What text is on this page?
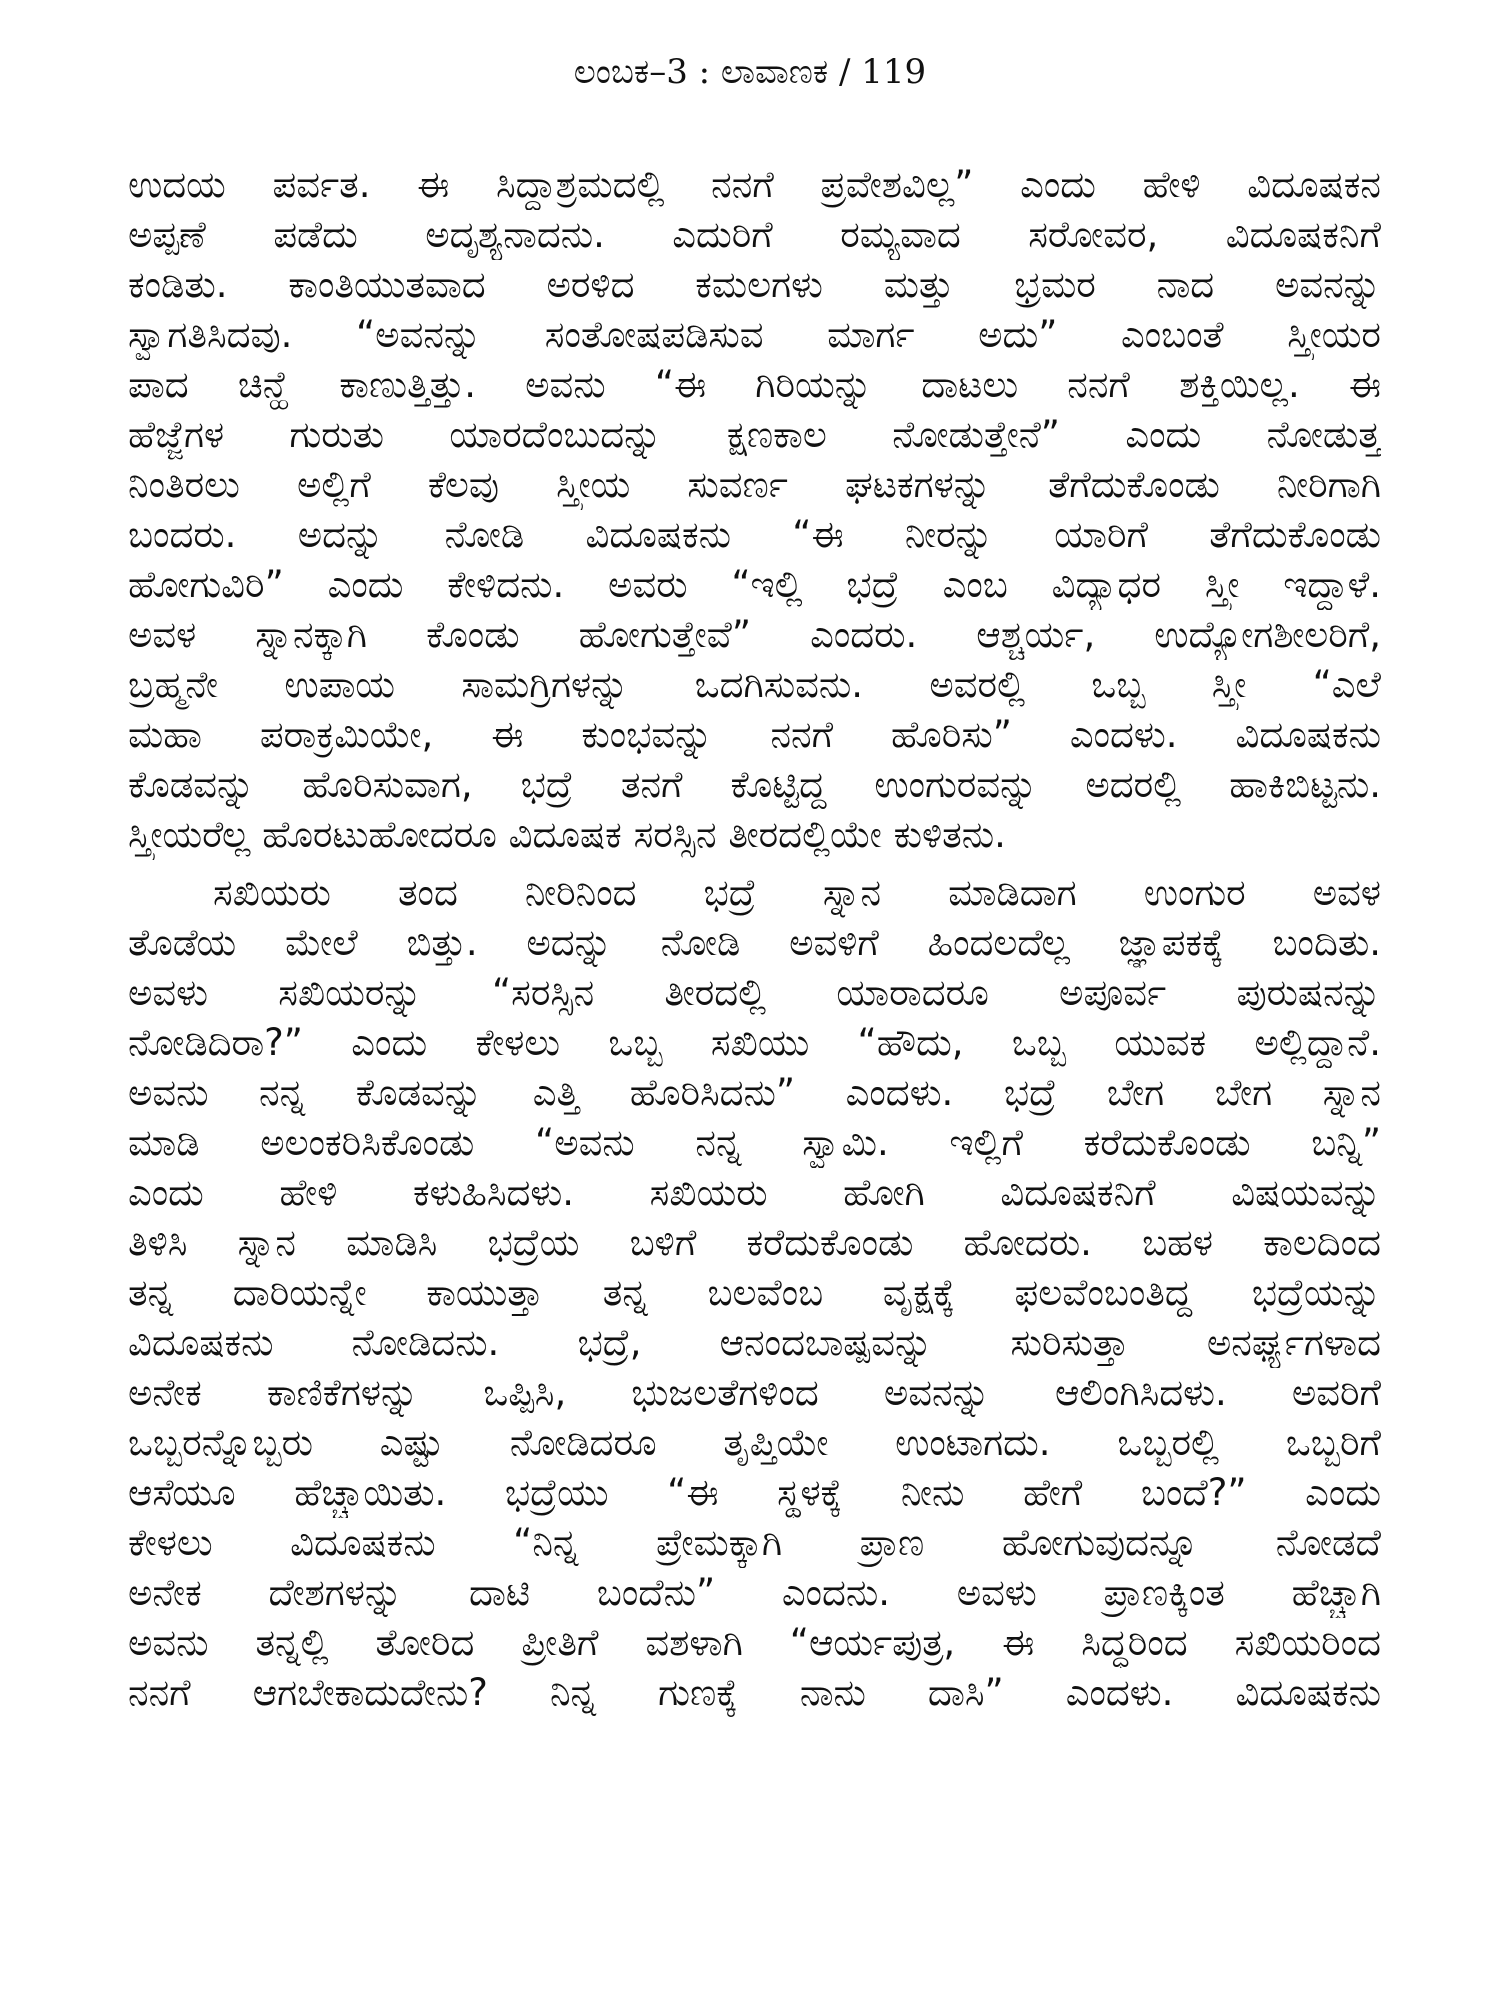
ಲಂಬಕ–3 : ಲಾವಾಣಕ / 119
ಉದಯ ಪರ್ವತ. ಈ ಸಿದ್ಧಾಶ್ರಮದಲ್ಲಿ ನನಗೆ ಪ್ರವೇಶವಿಲ್ಲ” ಎಂದು ಹೇಳಿ ವಿದೂಷಕನ
ಅಪ್ಪಣೆ ಪಡೆದು ಅದೃಶ್ಯನಾದನು. ಎದುರಿಗೆ ರಮ್ಯವಾದ ಸರೋವರ, ವಿದೂಷಕನಿಗೆ
ಕಂಡಿತು. ಕಾಂತಿಯುತವಾದ ಅರಳಿದ ಕಮಲಗಳು ಮತ್ತು ಭ್ರಮರ ನಾದ ಅವನನ್ನು
ಸ್ವಾಗತಿಸಿದವು. “ಅವನನ್ನು ಸಂತೋಷಪಡಿಸುವ ಮಾರ್ಗ ಅದು” ಎಂಬಂತೆ ಸ್ತ್ರೀಯರ
ಪಾದ ಚಿನ್ಹೆ ಕಾಣುತ್ತಿತ್ತು. ಅವನು “ಈ ಗಿರಿಯನ್ನು ದಾಟಲು ನನಗೆ ಶಕ್ತಿಯಿಲ್ಲ. ಈ
ಹೆಜ್ಜೆಗಳ ಗುರುತು ಯಾರದೆಂಬುದನ್ನು ಕ್ಷಣಕಾಲ ನೋಡುತ್ತೇನೆ” ಎಂದು ನೋಡುತ್ತ
ನಿಂತಿರಲು ಅಲ್ಲಿಗೆ ಕೆಲವು ಸ್ತ್ರೀಯ ಸುವರ್ಣ ಘಟಕಗಳನ್ನು ತೆಗೆದುಕೊಂಡು ನೀರಿಗಾಗಿ
ಬಂದರು. ಅದನ್ನು ನೋಡಿ ವಿದೂಷಕನು “ಈ ನೀರನ್ನು ಯಾರಿಗೆ ತೆಗೆದುಕೊಂಡು
ಹೋಗುವಿರಿ” ಎಂದು ಕೇಳಿದನು. ಅವರು “ಇಲ್ಲಿ ಭದ್ರೆ ಎಂಬ ವಿದ್ಯಾಧರ ಸ್ತ್ರೀ ಇದ್ದಾಳೆ.
ಅವಳ ಸ್ನಾನಕ್ಕಾಗಿ ಕೊಂಡು ಹೋಗುತ್ತೇವೆ” ಎಂದರು. ಆಶ್ಚರ್ಯ, ಉದ್ಯೋಗಶೀಲರಿಗೆ,
ಬ್ರಹ್ಮನೇ ಉಪಾಯ ಸಾಮಗ್ರಿಗಳನ್ನು ಒದಗಿಸುವನು. ಅವರಲ್ಲಿ ಒಬ್ಬ ಸ್ತ್ರೀ “ಎಲೆ
ಮಹಾ ಪರಾಕ್ರಮಿಯೇ, ಈ ಕುಂಭವನ್ನು ನನಗೆ ಹೊರಿಸು” ಎಂದಳು. ವಿದೂಷಕನು
ಕೊಡವನ್ನು ಹೊರಿಸುವಾಗ, ಭದ್ರೆ ತನಗೆ ಕೊಟ್ಟಿದ್ದ ಉಂಗುರವನ್ನು ಅದರಲ್ಲಿ ಹಾಕಿಬಿಟ್ಟನು.
ಸ್ತ್ರೀಯರೆಲ್ಲ ಹೊರಟುಹೋದರೂ ವಿದೂಷಕ ಸರಸ್ಸಿನ ತೀರದಲ್ಲಿಯೇ ಕುಳಿತನು.
ಸಖಿಯರು ತಂದ ನೀರಿನಿಂದ ಭದ್ರೆ ಸ್ನಾನ ಮಾಡಿದಾಗ ಉಂಗುರ ಅವಳ
ತೊಡೆಯ ಮೇಲೆ ಬಿತ್ತು. ಅದನ್ನು ನೋಡಿ ಅವಳಿಗೆ ಹಿಂದಲದೆಲ್ಲ ಜ್ಞಾಪಕಕ್ಕೆ ಬಂದಿತು.
ಅವಳು ಸಖಿಯರನ್ನು “ಸರಸ್ಸಿನ ತೀರದಲ್ಲಿ ಯಾರಾದರೂ ಅಪೂರ್ವ ಪುರುಷನನ್ನು
ನೋಡಿದಿರಾ?” ಎಂದು ಕೇಳಲು ಒಬ್ಬ ಸಖಿಯು “ಹೌದು, ಒಬ್ಬ ಯುವಕ ಅಲ್ಲಿದ್ದಾನೆ.
ಅವನು ನನ್ನ ಕೊಡವನ್ನು ಎತ್ತಿ ಹೊರಿಸಿದನು” ಎಂದಳು. ಭದ್ರೆ ಬೇಗ ಬೇಗ ಸ್ನಾನ
ಮಾಡಿ ಅಲಂಕರಿಸಿಕೊಂಡು “ಅವನು ನನ್ನ ಸ್ವಾಮಿ. ಇಲ್ಲಿಗೆ ಕರೆದುಕೊಂಡು ಬನ್ನಿ”
ಎಂದು ಹೇಳಿ ಕಳುಹಿಸಿದಳು. ಸಖಿಯರು ಹೋಗಿ ವಿದೂಷಕನಿಗೆ ವಿಷಯವನ್ನು
ತಿಳಿಸಿ ಸ್ನಾನ ಮಾಡಿಸಿ ಭದ್ರೆಯ ಬಳಿಗೆ ಕರೆದುಕೊಂಡು ಹೋದರು. ಬಹಳ ಕಾಲದಿಂದ
ತನ್ನ ದಾರಿಯನ್ನೇ ಕಾಯುತ್ತಾ ತನ್ನ ಬಲವೆಂಬ ವೃಕ್ಷಕ್ಕೆ ಫಲವೆಂಬಂತಿದ್ದ ಭದ್ರೆಯನ್ನು
ವಿದೂಷಕನು ನೋಡಿದನು. ಭದ್ರೆ, ಆನಂದಬಾಷ್ಪವನ್ನು ಸುರಿಸುತ್ತಾ ಅನರ್ಘ್ಯಗಳಾದ
ಅನೇಕ ಕಾಣಿಕೆಗಳನ್ನು ಒಪ್ಪಿಸಿ, ಭುಜಲತೆಗಳಿಂದ ಅವನನ್ನು ಆಲಿಂಗಿಸಿದಳು. ಅವರಿಗೆ
ಒಬ್ಬರನ್ನೊಬ್ಬರು ಎಷ್ಟು ನೋಡಿದರೂ ತೃಪ್ತಿಯೇ ಉಂಟಾಗದು. ಒಬ್ಬರಲ್ಲಿ ಒಬ್ಬರಿಗೆ
ಆಸೆಯೂ ಹೆಚ್ಚಾಯಿತು. ಭದ್ರೆಯು “ಈ ಸ್ಥಳಕ್ಕೆ ನೀನು ಹೇಗೆ ಬಂದೆ?” ಎಂದು
ಕೇಳಲು ವಿದೂಷಕನು “ನಿನ್ನ ಪ್ರೇಮಕ್ಕಾಗಿ ಪ್ರಾಣ ಹೋಗುವುದನ್ನೂ ನೋಡದೆ
ಅನೇಕ ದೇಶಗಳನ್ನು ದಾಟಿ ಬಂದೆನು” ಎಂದನು. ಅವಳು ಪ್ರಾಣಕ್ಕಿಂತ ಹೆಚ್ಚಾಗಿ
ಅವನು ತನ್ನಲ್ಲಿ ತೋರಿದ ಪ್ರೀತಿಗೆ ವಶಳಾಗಿ “ಆರ್ಯಪುತ್ರ, ಈ ಸಿದ್ಧರಿಂದ ಸಖಿಯರಿಂದ
ನನಗೆ ಆಗಬೇಕಾದುದೇನು? ನಿನ್ನ ಗುಣಕ್ಕೆ ನಾನು ದಾಸಿ” ಎಂದಳು. ವಿದೂಷಕನು
